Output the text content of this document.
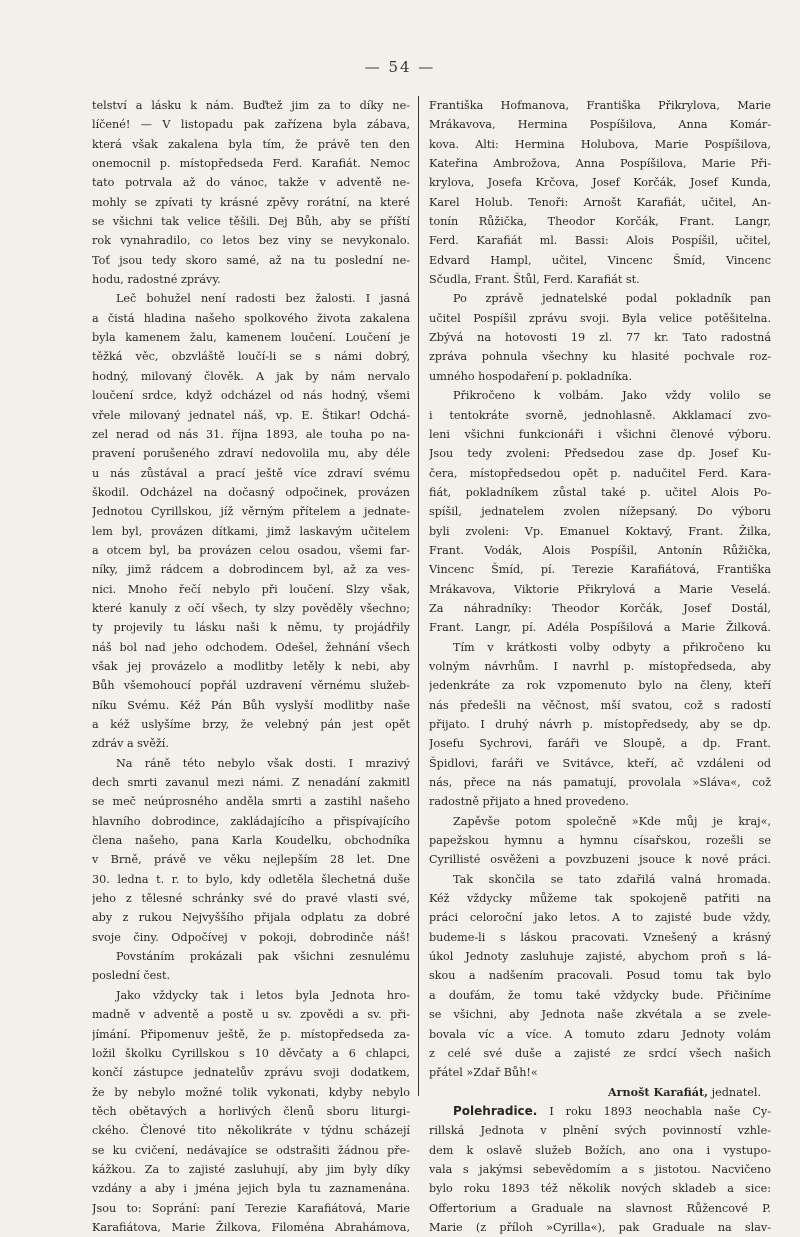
— 54 —
telství a lásku k nám. Buďtež jim za to díky ne-
líčené! — V listopadu pak zařízena byla zábava,
která však zakalena byla tím, že právě ten den
onemocnil p. místopředseda Ferd. Karafiát. Nemoc
tato potrvala až do vánoc, takže v adventě ne-
mohly se zpívati ty krásné zpěvy rorátní, na které
se všichni tak velice těšili. Dej Bůh, aby se příští
rok vynahradilo, co letos bez viny se nevykonalo.
Toť jsou tedy skoro samé, až na tu poslední ne-
hodu, radostné zprávy.
Leč bohužel není radosti bez žalosti. I jasná
a čistá hladina našeho spolkového života zakalena
byla kamenem žalu, kamenem loučení. Loučení je
těžká věc, obzvláště loučí-li se s námi dobrý,
hodný, milovaný člověk. A jak by nám nervalo
loučení srdce, když odcházel od nás hodný, všemi
vřele milovaný jednatel náš, vp. E. Štikar! Odchá-
zel nerad od nás 31. října 1893, ale touha po na-
pravení porušeného zdraví nedovolila mu, aby déle
u nás zůstával a prací ještě více zdraví svému
škodil. Odcházel na dočasný odpočinek, provázen
Jednotou Cyrillskou, jíž věrným přítelem a jednate-
lem byl, provázen dítkami, jimž laskavým učitelem
a otcem byl, ba provázen celou osadou, všemi far-
níky, jimž rádcem a dobrodincem byl, až za ves-
nici. Mnoho řečí nebylo při loučení. Slzy však,
které kanuly z očí všech, ty slzy pověděly všechno;
ty projevily tu lásku naši k němu, ty projádřily
náš bol nad jeho odchodem. Odešel, žehnání všech
však jej provázelo a modlitby letěly k nebi, aby
Bůh všemohoucí popřál uzdravení věrnému služeb-
níku Svému. Kéž Pán Bůh vyslyší modlitby naše
a kéž uslyšíme brzy, že velebný pán jest opět
zdráv a svěží.
Na ráně této nebylo však dosti. I mrazivý
dech smrti zavanul mezi námi. Z nenadání zakmitl
se meč neúprosného anděla smrti a zastihl našeho
hlavního dobrodince, zakládajícího a přispívajícího
člena našeho, pana Karla Koudelku, obchodníka
v Brně, právě ve věku nejlepším 28 let. Dne
30. ledna t. r. to bylo, kdy odletěla šlechetná duše
jeho z tělesné schránky své do pravé vlasti své,
aby z rukou Nejvyššího přijala odplatu za dobré
svoje činy. Odpočívej v pokoji, dobrodinče náš!
Povstáním prokázali pak všichni zesnulému
poslední čest.
Jako vždycky tak i letos byla Jednota hro-
madně v adventě a postě u sv. zpovědi a sv. při-
jímání. Připomenuv ještě, že p. místopředseda za-
ložil školku Cyrillskou s 10 děvčaty a 6 chlapci,
končí zástupce jednatelův zprávu svoji dodatkem,
že by nebylo možné tolik vykonati, kdyby nebylo
těch obětavých a horlivých členů sboru liturgi-
ckého. Členové tito několikráte v týdnu scházejí
se ku cvičení, nedávajíce se odstrašiti žádnou pře-
kážkou. Za to zajisté zasluhují, aby jim byly díky
vzdány a aby i jména jejich byla tu zaznamenána.
Jsou to: Soprání: paní Terezie Karafiátová, Marie
Karafiátova, Marie Žilkova, Filoména Abrahámova,
Františka Hofmanova, Františka Přikrylova, Marie
Mrákavova, Hermina Pospíšilova, Anna Komár-
kova. Alti: Hermina Holubova, Marie Pospíšilova,
Kateřina Ambrožova, Anna Pospíšilova, Marie Při-
krylova, Josefa Krčova, Josef Korčák, Josef Kunda,
Karel Holub. Tenoři: Arnošt Karafiát, učitel, An-
tonín Růžička, Theodor Korčák, Frant. Langr,
Ferd. Karafiát ml. Bassi: Alois Pospíšil, učitel,
Edvard Hampl, učitel, Vincenc Šmíd, Vincenc
Sčudla, Frant. Štůl, Ferd. Karafiát st.
Po zprávě jednatelské podal pokladník pan
učitel Pospíšil zprávu svoji. Byla velice potěšitelna.
Zbývá na hotovosti 19 zl. 77 kr. Tato radostná
zpráva pohnula všechny ku hlasité pochvale roz-
umného hospodaření p. pokladníka.
Přikročeno k volbám. Jako vždy volilo se
i tentokráte svorně, jednohlasně. Akklamací zvo-
leni všichni funkcionáři i všichni členové výboru.
Jsou tedy zvoleni: Předsedou zase dp. Josef Ku-
čera, místopředsedou opět p. nadučitel Ferd. Kara-
fiát, pokladníkem zůstal také p. učitel Alois Po-
spíšil, jednatelem zvolen nížepsaný. Do výboru
byli zvoleni: Vp. Emanuel Koktavý, Frant. Žilka,
Frant. Vodák, Alois Pospíšil, Antonín Růžička,
Vincenc Šmíd, pí. Terezie Karafiátová, Františka
Mrákavova, Viktorie Přikrylová a Marie Veselá.
Za náhradníky: Theodor Korčák, Josef Dostál,
Frant. Langr, pí. Adéla Pospíšilová a Marie Žilková.
Tím v krátkosti volby odbyty a přikročeno ku
volným návrhům. I navrhl p. místopředseda, aby
jedenkráte za rok vzpomenuto bylo na členy, kteří
nás předešli na věčnost, mší svatou, což s radostí
přijato. I druhý návrh p. místopředsedy, aby se dp.
Josefu Sychrovi, faráři ve Sloupě, a dp. Frant.
Špidlovi, faráři ve Svitávce, kteří, ač vzdáleni od
nás, přece na nás pamatují, provolala »Sláva«, což
radostně přijato a hned provedeno.
Zapěvše potom společně »Kde můj je kraj«,
papežskou hymnu a hymnu císařskou, rozešli se
Cyrillisté osvěženi a povzbuzeni jsouce k nové práci.
Tak skončila se tato zdařilá valná hromada.
Kéž vždycky můžeme tak spokojeně patřiti na
práci celoroční jako letos. A to zajisté bude vždy,
budeme-li s láskou pracovati. Vznešený a krásný
úkol Jednoty zasluhuje zajisté, abychom proň s lá-
skou a nadšením pracovali. Posud tomu tak bylo
a doufám, že tomu také vždycky bude. Přičiníme
se všichni, aby Jednota naše zkvétala a se zvele-
bovala víc a více. A tomuto zdaru Jednoty volám
z celé své duše a zajisté ze srdcí všech našich
přátel »Zdař Bůh!«
Arnošt Karafiát, jednatel.
Polehradice. I roku 1893 neochabla naše Cy-
rillská Jednota v plnění svých povinností vzhle-
dem k oslavě služeb Božích, ano ona i vystupo-
vala s jakýmsi sebevědomím a s jistotou. Nacvičeno
bylo roku 1893 též několik nových skladeb a sice:
Offertorium a Graduale na slavnost Růžencové P.
Marie (z příloh »Cyrilla«), pak Graduale na slav-
